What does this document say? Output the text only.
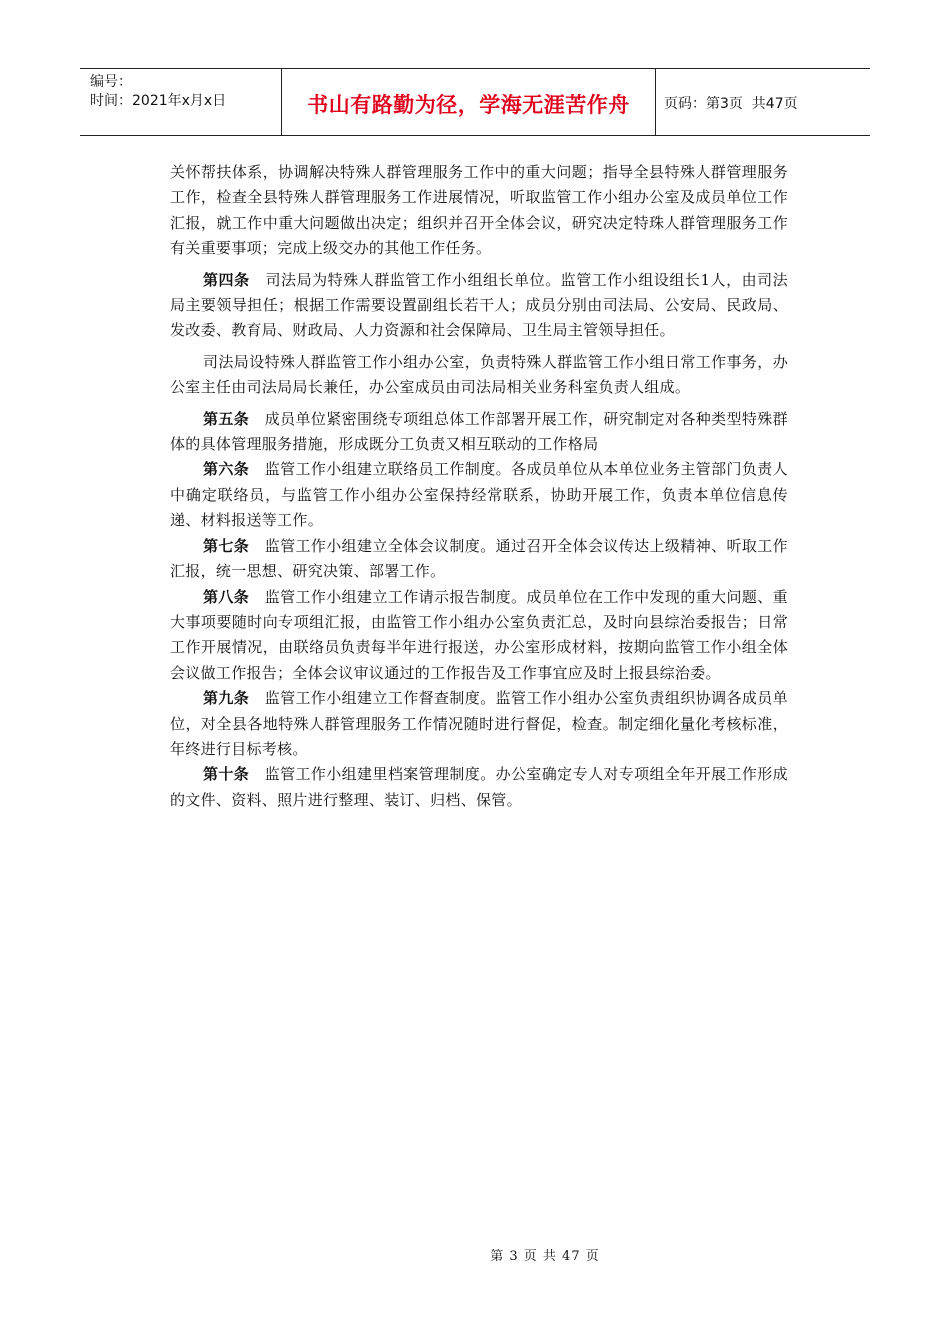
编号：
时间：2021年x月x日	书山有路勤为径，学海无涯苦作舟 页码：第3页  共47页

关怀帮扶体系，协调解决特殊人群管理服务工作中的重大问题；指导全县特殊人群管理服务工作，检查全县特殊人群管理服务工作进展情况，听取监管工作小组办公室及成员单位工作汇报，就工作中重大问题做出决定；组织并召开全体会议，研究决定特珠人群管理服务工作有关重要事项；完成上级交办的其他工作任务。

第四条 司法局为特殊人群监管工作小组组长单位。监管工作小组设组长1人，由司法局主要领导担任；根据工作需要设置副组长若干人；成员分别由司法局、公安局、民政局、发改委、教育局、财政局、人力资源和社会保障局、卫生局主管领导担任。

司法局设特殊人群监管工作小组办公室，负责特殊人群监管工作小组日常工作事务，办公室主任由司法局局长兼任，办公室成员由司法局相关业务科室负责人组成。

第五条 成员单位紧密围绕专项组总体工作部署开展工作，研究制定对各种类型特殊群体的具体管理服务措施，形成既分工负责又相互联动的工作格局

第六条 监管工作小组建立联络员工作制度。各成员单位从本单位业务主管部门负责人中确定联络员，与监管工作小组办公室保持经常联系，协助开展工作，负责本单位信息传递、材料报送等工作。

第七条 监管工作小组建立全体会议制度。通过召开全体会议传达上级精神、听取工作汇报，统一思想、研究决策、部署工作。

第八条 监管工作小组建立工作请示报告制度。成员单位在工作中发现的重大问题、重大事项要随时向专项组汇报，由监管工作小组办公室负责汇总，及时向县综治委报告；日常工作开展情况，由联络员负责每半年进行报送，办公室形成材料，按期向监管工作小组全体会议做工作报告；全体会议审议通过的工作报告及工作事宜应及时上报县综治委。

第九条 监管工作小组建立工作督查制度。监管工作小组办公室负责组织协调各成员单位，对全县各地特殊人群管理服务工作情况随时进行督促，检查。制定细化量化考核标准，年终进行目标考核。

第十条 监管工作小组建里档案管理制度。办公室确定专人对专项组全年开展工作形成的文件、资料、照片进行整理、装订、归档、保管。

第 3 页 共 47 页
